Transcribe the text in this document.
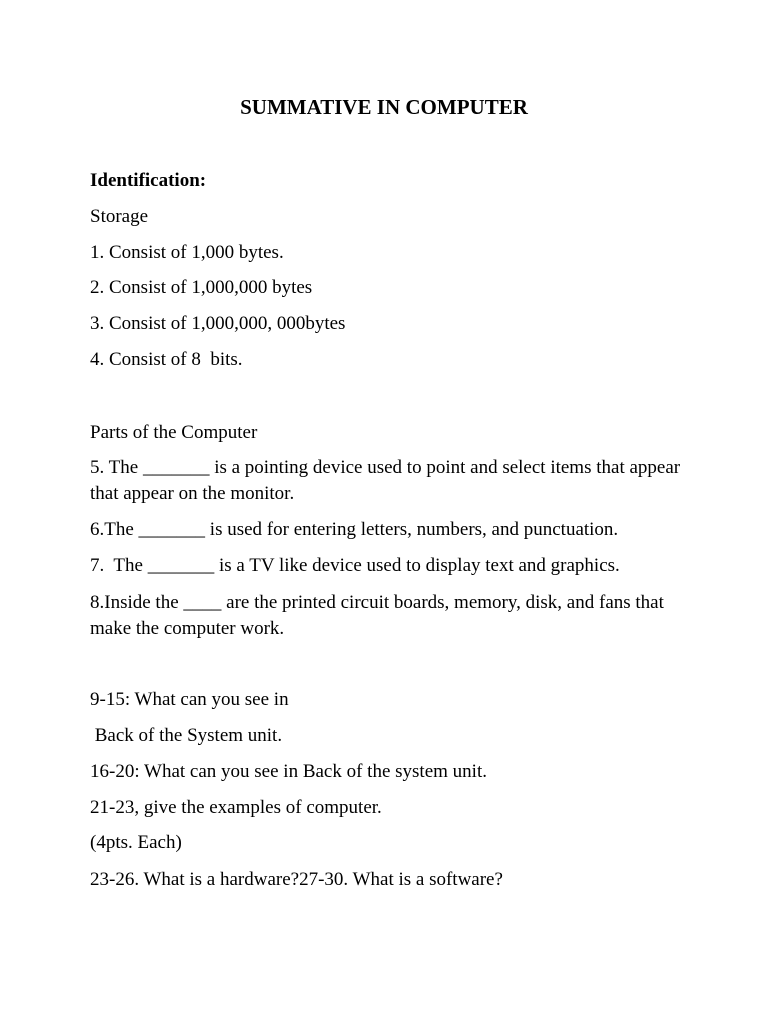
SUMMATIVE IN COMPUTER
Identification:
Storage
1. Consist of 1,000 bytes.
2. Consist of 1,000,000 bytes
3. Consist of 1,000,000, 000bytes
4. Consist of 8  bits.
Parts of the Computer
5. The _______ is a pointing device used to point and select items that appear that appear on the monitor.
6.The _______ is used for entering letters, numbers, and punctuation.
7.  The _______ is a TV like device used to display text and graphics.
8.Inside the ____ are the printed circuit boards, memory, disk, and fans that make the computer work.
9-15: What can you see in
Back of the System unit.
16-20: What can you see in Back of the system unit.
21-23, give the examples of computer.
(4pts. Each)
23-26. What is a hardware?27-30. What is a software?
